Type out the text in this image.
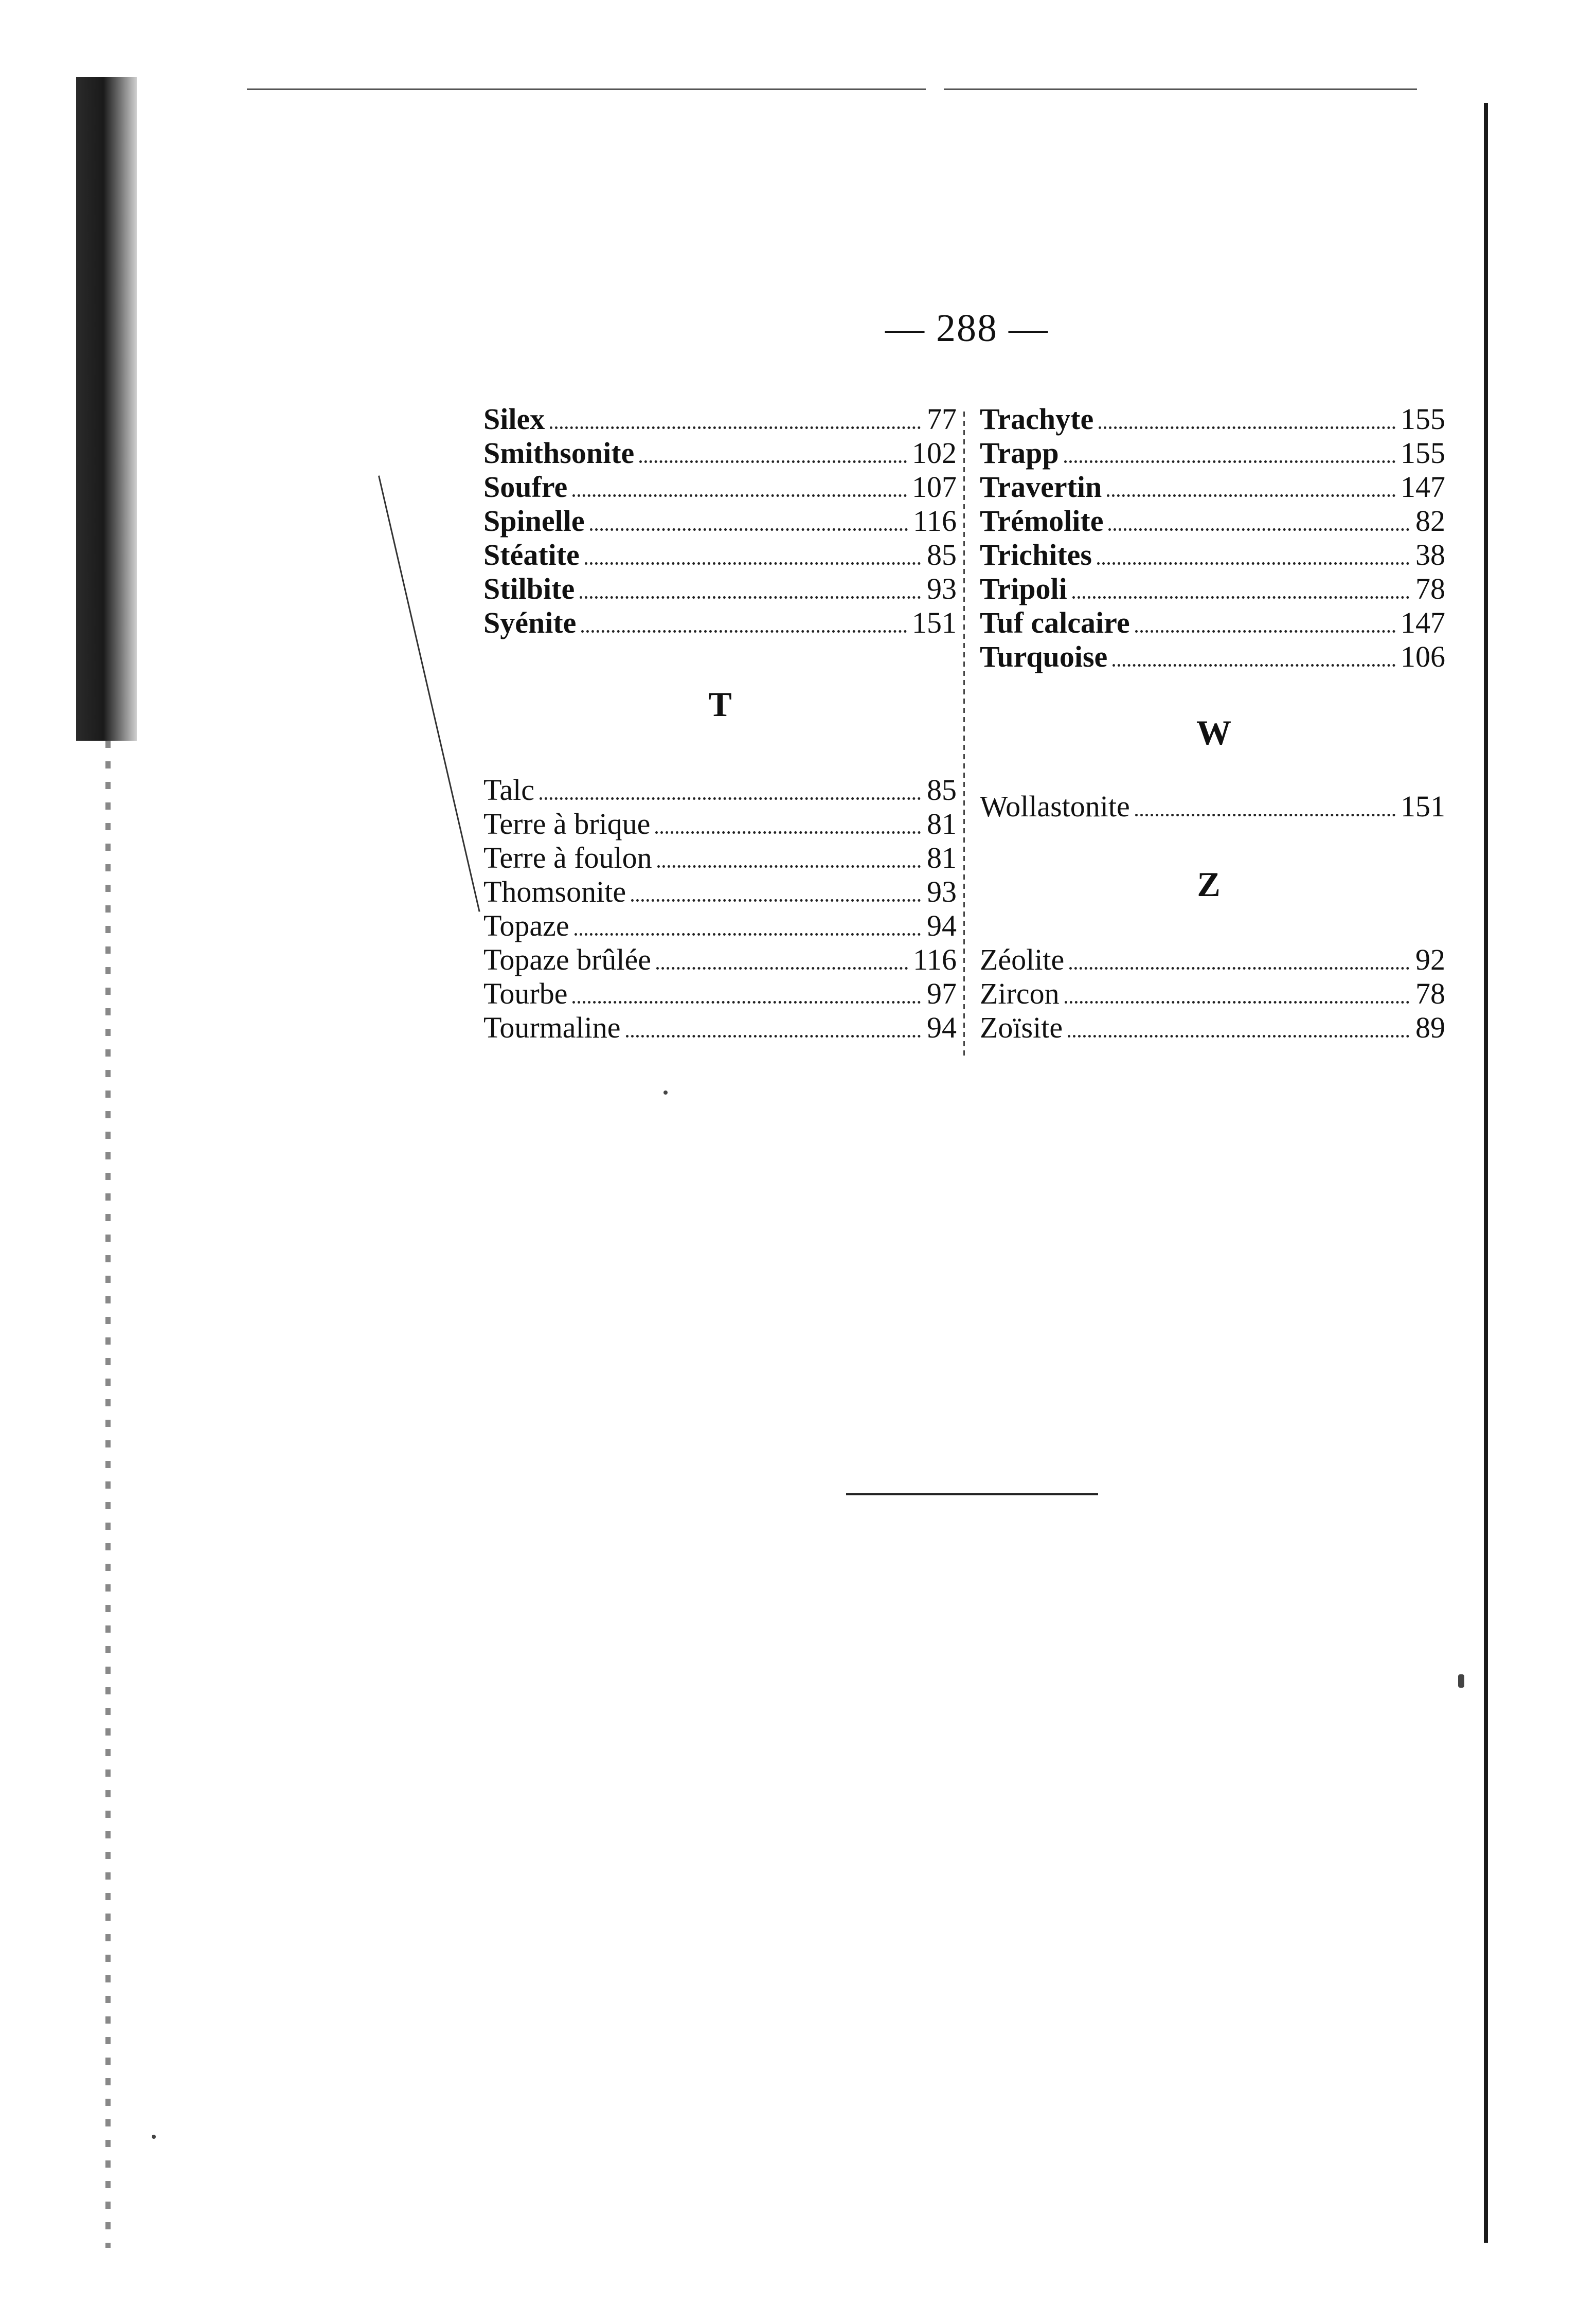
— 288 —
Silex	77
Smithsonite	102
Soufre	107
Spinelle	116
Stéatite	85
Stilbite	93
Syénite	151
T
Talc	85
Terre à brique	81
Terre à foulon	81
Thomsonite	93
Topaze	94
Topaze brûlée	116
Tourbe	97
Tourmaline	94
Trachyte	155
Trapp	155
Travertin	147
Trémolite	82
Trichites	38
Tripoli	78
Tuf calcaire	147
Turquoise	106
W
Wollastonite	151
Z
Zéolite	92
Zircon	78
Zoïsite	89
